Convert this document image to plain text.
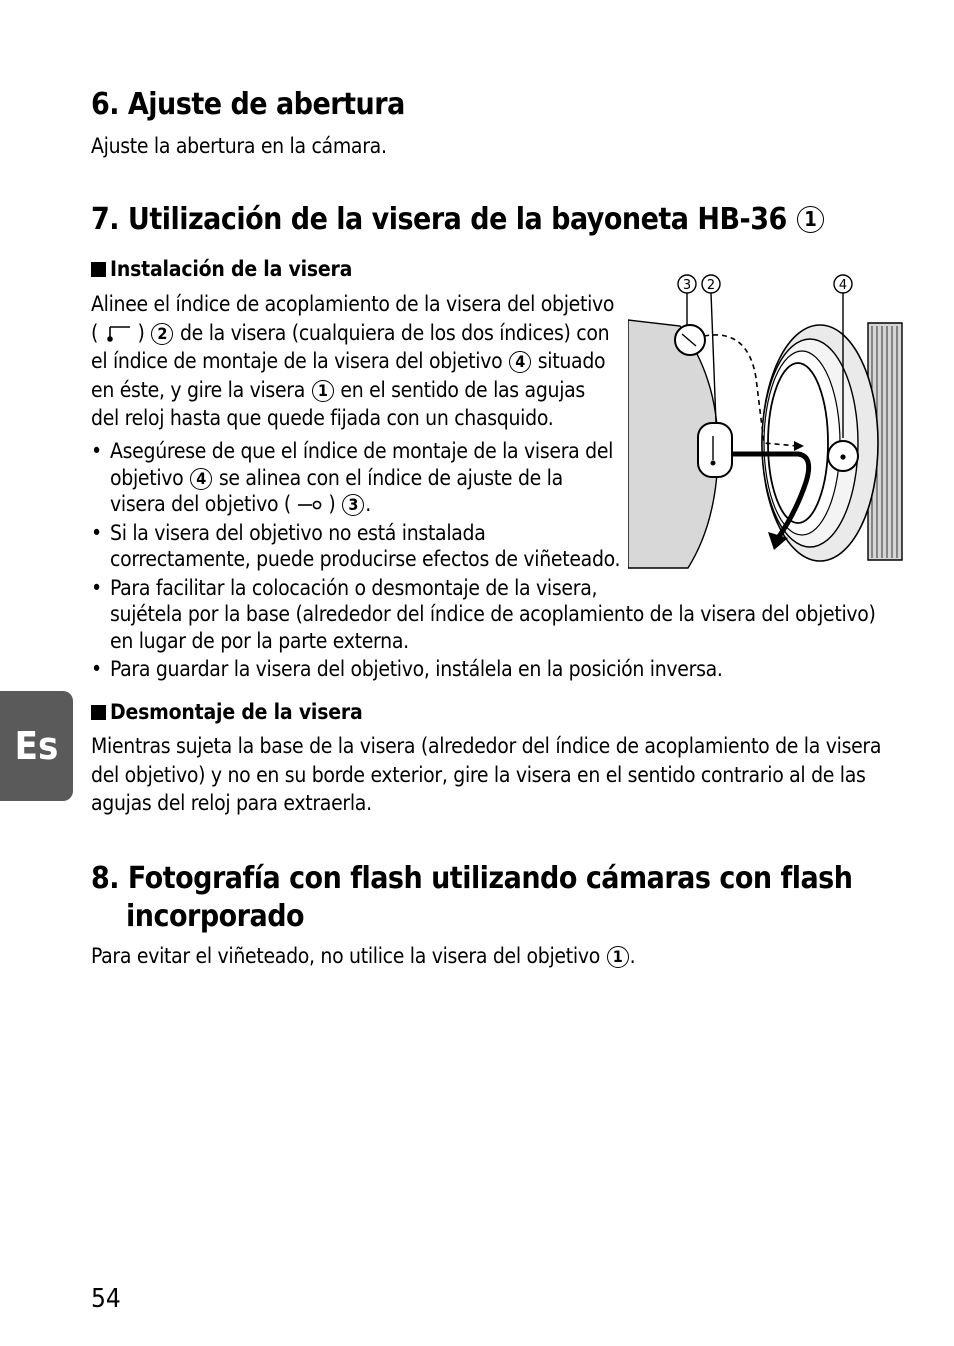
6. Ajuste de abertura
Ajuste la abertura en la cámara.
7. Utilización de la visera de la bayoneta HB-36 1
Instalación de la visera
Alinee el índice de acoplamiento de la visera del objetivo
( ) 2 de la visera (cualquiera de los dos índices) con
el índice de montaje de la visera del objetivo 4 situado
en éste, y gire la visera 1 en el sentido de las agujas
del reloj hasta que quede fijada con un chasquido.
• Asegúrese de que el índice de montaje de la visera del
objetivo 4 se alinea con el índice de ajuste de la
visera del objetivo ( ) 3 .
• Si la visera del objetivo no está instalada
correctamente, puede producirse efectos de viñeteado.
• Para facilitar la colocación o desmontaje de la visera,
sujétela por la base (alrededor del índice de acoplamiento de la visera del objetivo)
en lugar de por la parte externa.
• Para guardar la visera del objetivo, instálela en la posición inversa.
3 2	4
Desmontaje de la visera
Mientras sujeta la base de la visera (alrededor del índice de acoplamiento de la visera
del objetivo) y no en su borde exterior, gire la visera en el sentido contrario al de las
agujas del reloj para extraerla.
8. Fotografía con flash utilizando cámaras con flash
incorporado
Para evitar el viñeteado, no utilice la visera del objetivo 1 .
Es
54
